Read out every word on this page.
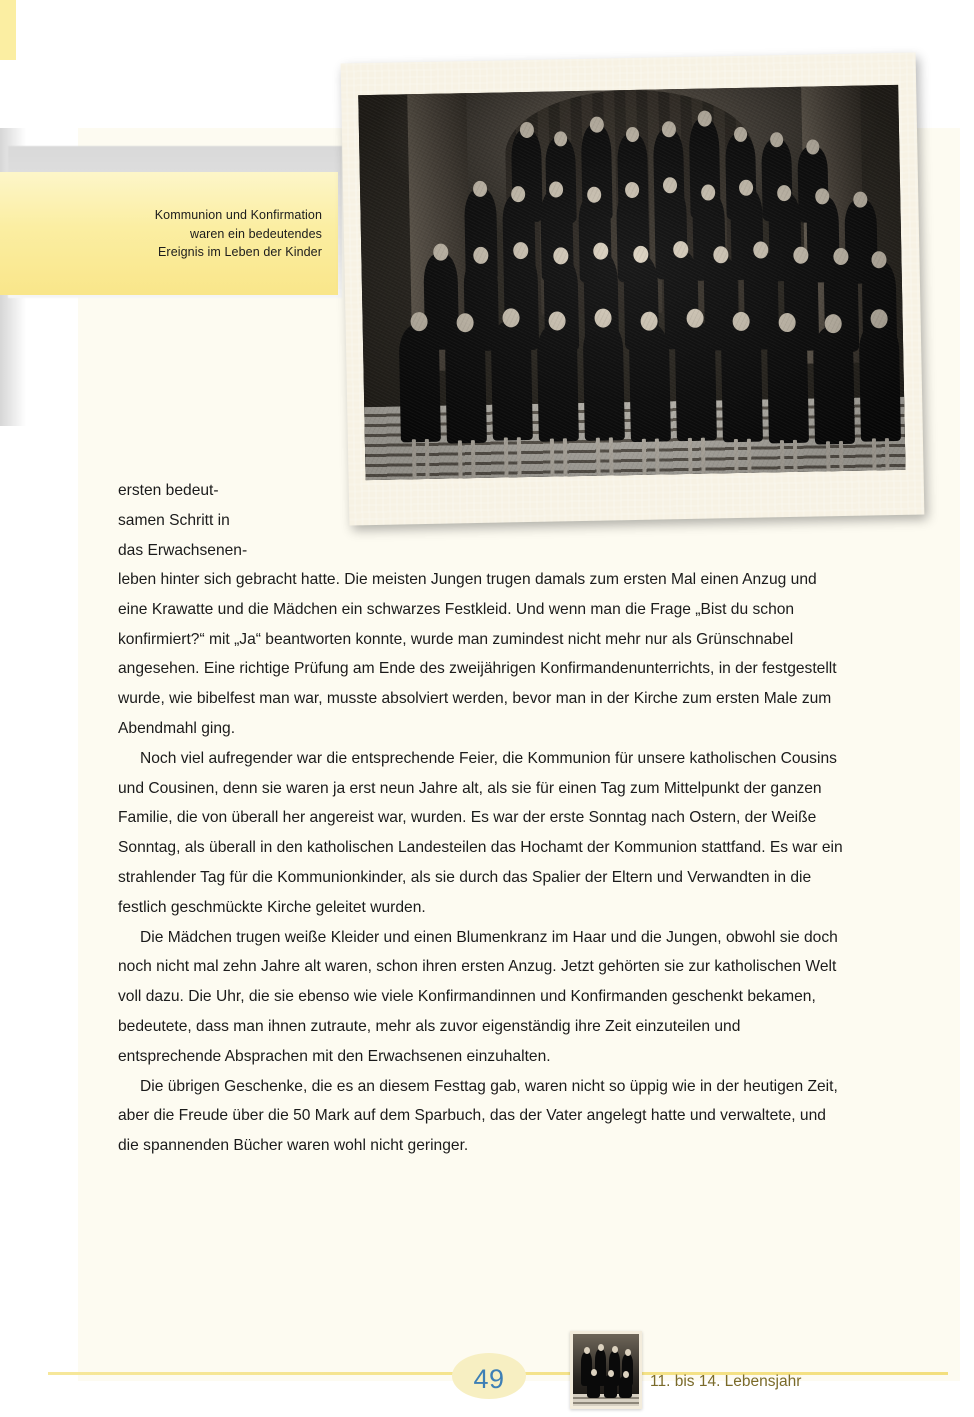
Kommunion und Konfirmation
waren ein bedeutendes
Ereignis im Leben der Kinder
ersten bedeut-
samen Schritt in
das Erwachsenen-

leben hinter sich gebracht hatte. Die meisten Jungen trugen damals zum ersten Mal einen Anzug und eine Krawatte und die Mädchen ein schwarzes Festkleid. Und wenn man die Frage „Bist du schon konfirmiert?“ mit „Ja“ beantworten konnte, wurde man zumindest nicht mehr nur als Grünschnabel angesehen. Eine richtige Prüfung am Ende des zweijährigen Konfirmandenunterrichts, in der festgestellt wurde, wie bibelfest man war, musste absolviert werden, bevor man in der Kirche zum ersten Male zum Abendmahl ging.

Noch viel aufregender war die entsprechende Feier, die Kommunion für unsere katholischen Cousins und Cousinen, denn sie waren ja erst neun Jahre alt, als sie für einen Tag zum Mittelpunkt der ganzen Familie, die von überall her angereist war, wurden. Es war der erste Sonntag nach Ostern, der Weiße Sonntag, als überall in den katholischen Landesteilen das Hochamt der Kommunion stattfand. Es war ein strahlender Tag für die Kommunionkinder, als sie durch das Spalier der Eltern und Verwandten in die festlich geschmückte Kirche geleitet wurden.

Die Mädchen trugen weiße Kleider und einen Blumenkranz im Haar und die Jungen, obwohl sie doch noch nicht mal zehn Jahre alt waren, schon ihren ersten Anzug. Jetzt gehörten sie zur katholischen Welt voll dazu. Die Uhr, die sie ebenso wie viele Konfirmandinnen und Konfirmanden geschenkt bekamen, bedeutete, dass man ihnen zutraute, mehr als zuvor eigenständig ihre Zeit einzuteilen und entsprechende Absprachen mit den Erwachsenen einzuhalten.

Die übrigen Geschenke, die es an diesem Festtag gab, waren nicht so üppig wie in der heutigen Zeit, aber die Freude über die 50 Mark auf dem Sparbuch, das der Vater angelegt hatte und verwaltete, und die spannenden Bücher waren wohl nicht geringer.

49	11. bis 14. Lebensjahr
